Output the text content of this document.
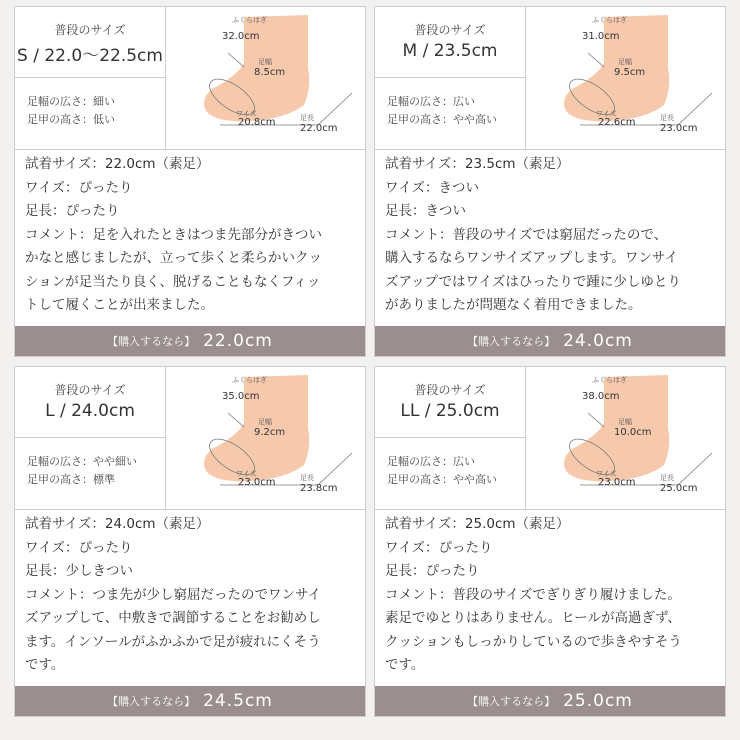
普段のサイズ
S / 22.0～22.5cm
足幅の広さ：細い
足甲の高さ：低い
ふくらはぎ
32.0cm
足幅
8.5cm
ワイズ
20.8cm	足長
22.0cm
試着サイズ：22.0cm（素足）
ワイズ：ぴったり
足長：ぴったり
コメント：足を入れたときはつま先部分がきつい
かなと感じましたが、立って歩くと柔らかいクッ
ションが足当たり良く、脱げることもなくフィッ
トして履くことが出来ました。
【購入するなら】 22.0cm
普段のサイズ
M / 23.5cm
足幅の広さ：広い
足甲の高さ：やや高い
ふくらはぎ
31.0cm
足幅
9.5cm
ワイズ
22.6cm	足長
23.0cm
試着サイズ：23.5cm（素足）
ワイズ：きつい
足長：きつい
コメント：普段のサイズでは窮屈だったので、
購入するならワンサイズアップします。ワンサイ
ズアップではワイズはひったりで踵に少しゆとり
がありましたが問題なく着用できました。
【購入するなら】 24.0cm
普段のサイズ
L / 24.0cm
足幅の広さ：やや細い
足甲の高さ：標準
ふくらはぎ
35.0cm
足幅
9.2cm
ワイズ
23.0cm	足長
23.8cm
試着サイズ：24.0cm（素足）
ワイズ：ぴったり
足長：少しきつい
コメント：つま先が少し窮屈だったのでワンサイ
ズアップして、中敷きで調節することをお勧めし
ます。インソールがふかふかで足が疲れにくそう
です。
【購入するなら】 24.5cm
普段のサイズ
LL / 25.0cm
足幅の広さ：広い
足甲の高さ：やや高い
ふくらはぎ
38.0cm
足幅
10.0cm
ワイズ
23.0cm	足長
25.0cm
試着サイズ：25.0cm（素足）
ワイズ：ぴったり
足長：ぴったり
コメント：普段のサイズでぎりぎり履けました。
素足でゆとりはありません。ヒールが高過ぎず、
クッションもしっかりしているので歩きやすそう
です。
【購入するなら】 25.0cm
